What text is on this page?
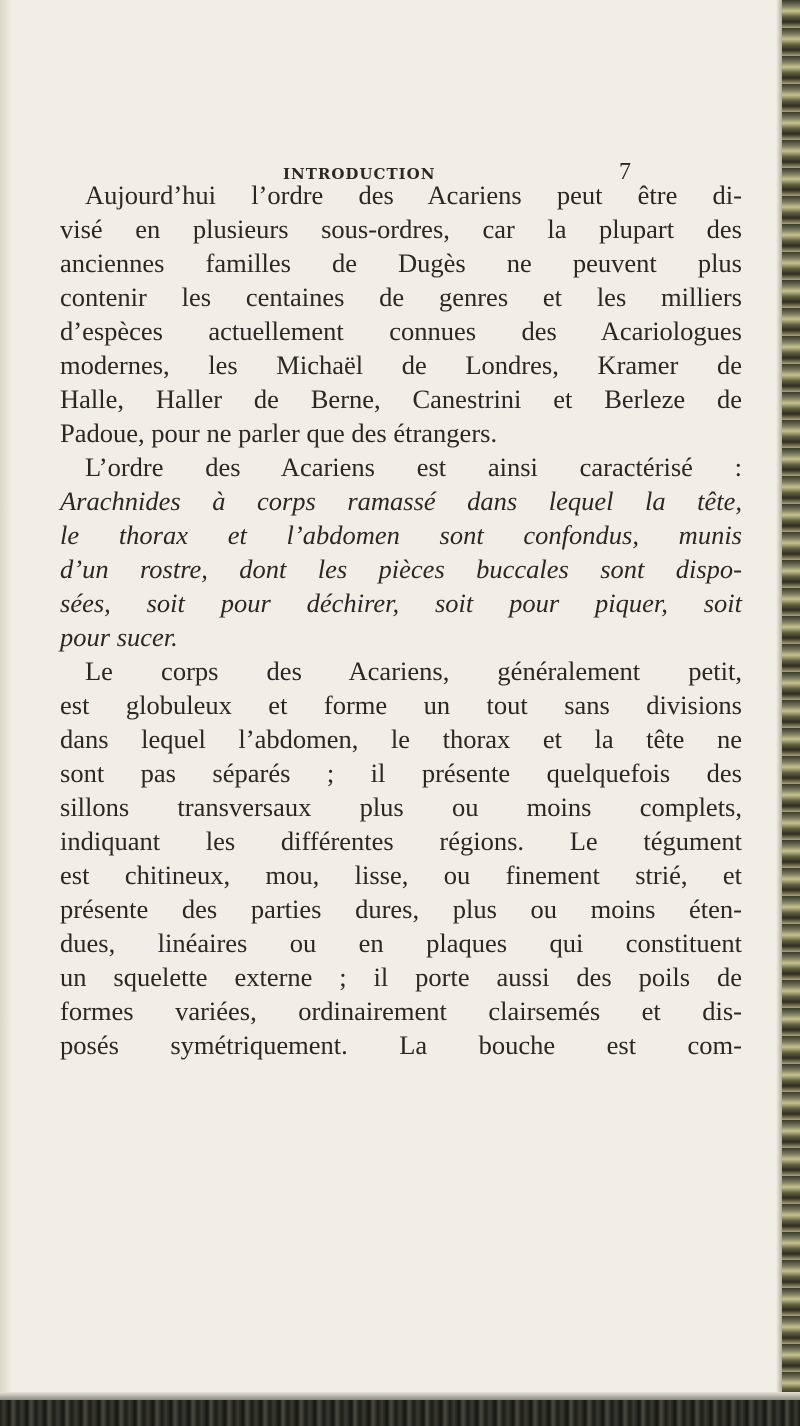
INTRODUCTION	7
Aujourd’hui l’ordre des Acariens peut être di-
visé en plusieurs sous-ordres, car la plupart des
anciennes familles de Dugès ne peuvent plus
contenir les centaines de genres et les milliers
d’espèces actuellement connues des Acariologues
modernes, les Michaël de Londres, Kramer de
Halle, Haller de Berne, Canestrini et Berleze de
Padoue, pour ne parler que des étrangers.
L’ordre des Acariens est ainsi caractérisé :
Arachnides à corps ramassé dans lequel la tête,
le thorax et l’abdomen sont confondus, munis
d’un rostre, dont les pièces buccales sont dispo-
sées, soit pour déchirer, soit pour piquer, soit
pour sucer.
Le corps des Acariens, généralement petit,
est globuleux et forme un tout sans divisions
dans lequel l’abdomen, le thorax et la tête ne
sont pas séparés ; il présente quelquefois des
sillons transversaux plus ou moins complets,
indiquant les différentes régions. Le tégument
est chitineux, mou, lisse, ou finement strié, et
présente des parties dures, plus ou moins éten-
dues, linéaires ou en plaques qui constituent
un squelette externe ; il porte aussi des poils de
formes variées, ordinairement clairsemés et dis-
posés symétriquement. La bouche est com-
